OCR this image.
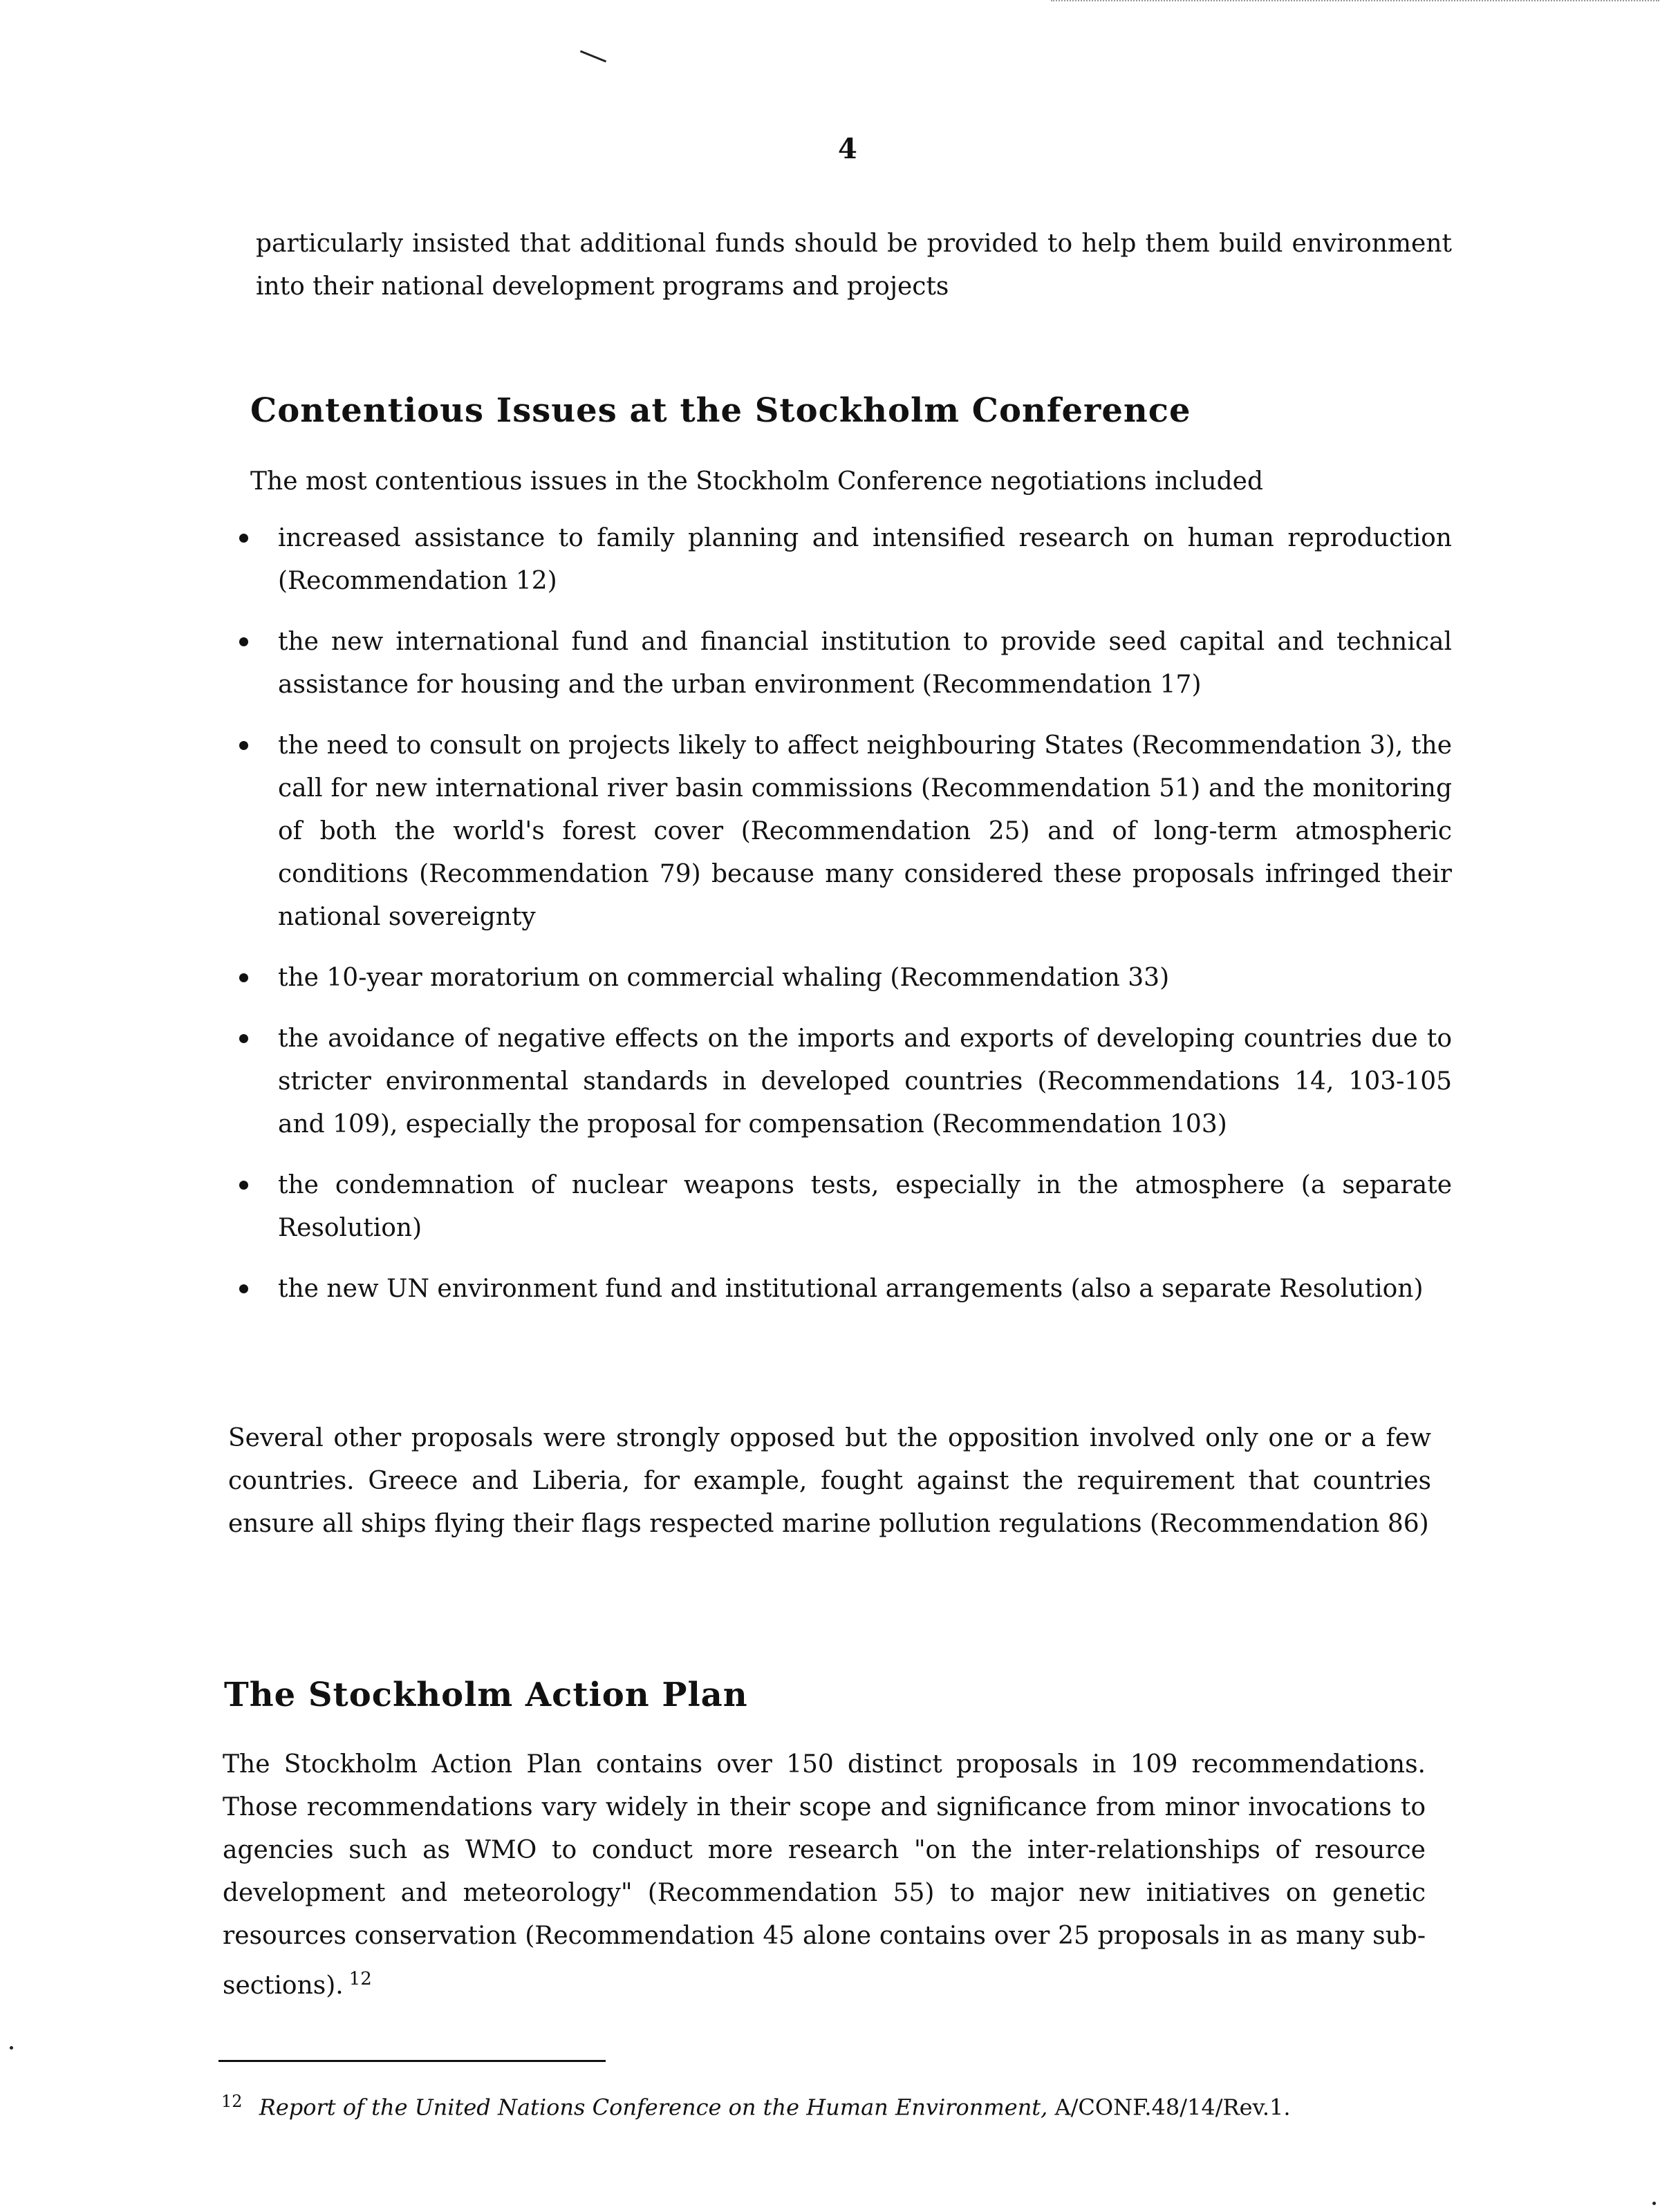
4

particularly insisted that additional funds should be provided to help them build environment into their national development programs and projects

Contentious Issues at the Stockholm Conference

The most contentious issues in the Stockholm Conference negotiations included

increased assistance to family planning and intensified research on human reproduction (Recommendation 12)
the new international fund and financial institution to provide seed capital and technical assistance for housing and the urban environment (Recommendation 17)
the need to consult on projects likely to affect neighbouring States (Recommendation 3), the call for new international river basin commissions (Recommendation 51) and the monitoring of both the world's forest cover (Recommendation 25) and of long-term atmospheric conditions (Recommendation 79) because many considered these proposals infringed their national sovereignty
the 10-year moratorium on commercial whaling (Recommendation 33)
the avoidance of negative effects on the imports and exports of developing countries due to stricter environmental standards in developed countries (Recommendations 14, 103-105 and 109), especially the proposal for compensation (Recommendation 103)
the condemnation of nuclear weapons tests, especially in the atmosphere (a separate Resolution)
the new UN environment fund and institutional arrangements (also a separate Resolution)

Several other proposals were strongly opposed but the opposition involved only one or a few countries. Greece and Liberia, for example, fought against the requirement that countries ensure all ships flying their flags respected marine pollution regulations (Recommendation 86)

The Stockholm Action Plan

The Stockholm Action Plan contains over 150 distinct proposals in 109 recommendations. Those recommendations vary widely in their scope and significance from minor invocations to agencies such as WMO to conduct more research "on the inter-relationships of resource development and meteorology" (Recommendation 55) to major new initiatives on genetic resources conservation (Recommendation 45 alone contains over 25 proposals in as many sub-sections). $^{12}$

$^{12}$ Report of the United Nations Conference on the Human Environment, A/CONF.48/14/Rev.1.
